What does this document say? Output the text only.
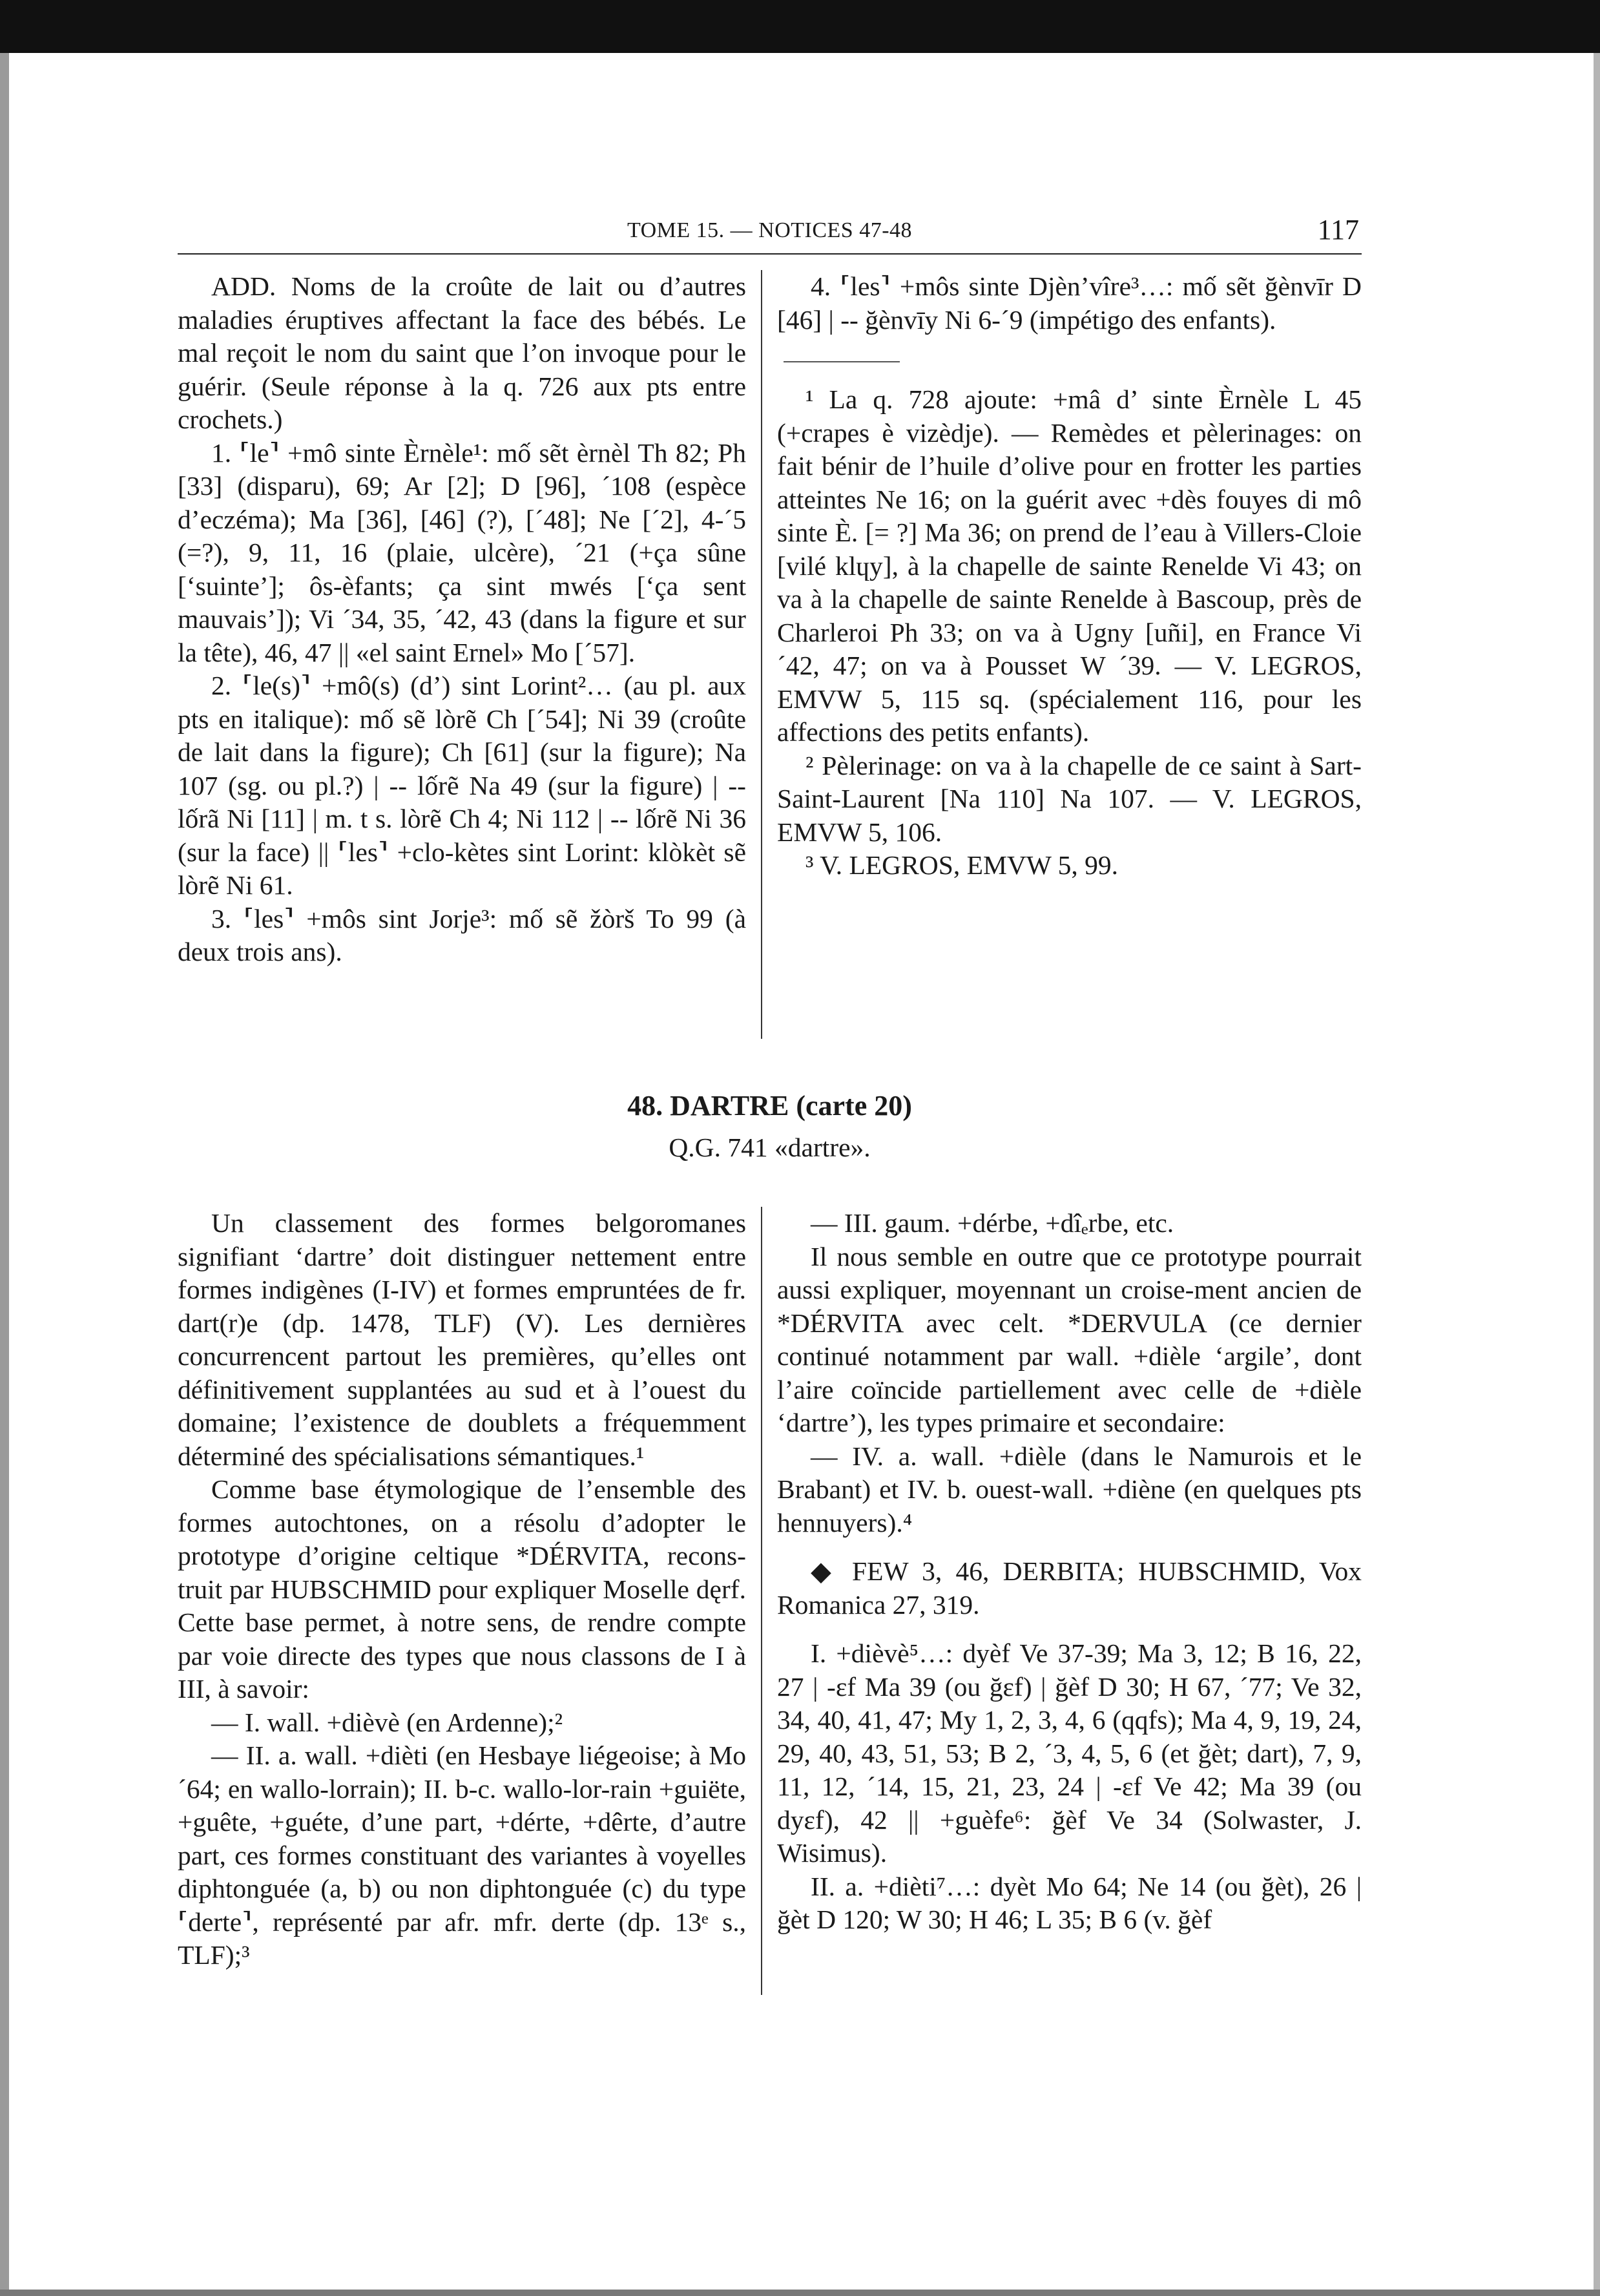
TOME 15. — NOTICES 47-48	117

ADD. Noms de la croûte de lait ou d’autres maladies éruptives affectant la face des bébés. Le mal reçoit le nom du saint que l’on invoque pour le guérir. (Seule réponse à la q. 726 aux pts entre crochets.)

1. ⸢le⸣ +mô sinte Èrnèle¹: mố sẽt èrnèl Th 82; Ph [33] (disparu), 69; Ar [2]; D [96], ´108 (espèce d’eczéma); Ma [36], [46] (?), [´48]; Ne [´2], 4-´5 (=?), 9, 11, 16 (plaie, ulcère), ´21 (+ça sûne [‘suinte’]; ôs-èfants; ça sint mwés [‘ça sent mauvais’]); Vi ´34, 35, ´42, 43 (dans la figure et sur la tête), 46, 47 || «el saint Ernel» Mo [´57].

2. ⸢le(s)⸣ +mô(s) (d’) sint Lorint²… (au pl. aux pts en italique): mố sẽ lòrẽ Ch [´54]; Ni 39 (croûte de lait dans la figure); Ch [61] (sur la figure); Na 107 (sg. ou pl.?) | -- lốrẽ Na 49 (sur la figure) | -- lốrã Ni [11] | m. t s. lòrẽ Ch 4; Ni 112 | -- lốrẽ Ni 36 (sur la face) || ⸢les⸣ +clo-kètes sint Lorint: klòkèt sẽ lòrẽ Ni 61.

3. ⸢les⸣ +môs sint Jorje³: mố sẽ žòrš To 99 (à deux trois ans).

4. ⸢les⸣ +môs sinte Djèn’vîre³…: mố sẽt ğènvīr D [46] | -- ğènvīy Ni 6-´9 (impétigo des enfants).

¹ La q. 728 ajoute: +mâ d’ sinte Èrnèle L 45 (+crapes è vizèdje). — Remèdes et pèlerinages: on fait bénir de l’huile d’olive pour en frotter les parties atteintes Ne 16; on la guérit avec +dès fouyes di mô sinte È. [= ?] Ma 36; on prend de l’eau à Villers-Cloie [vilé klɥy], à la chapelle de sainte Renelde Vi 43; on va à la chapelle de sainte Renelde à Bascoup, près de Charleroi Ph 33; on va à Ugny [uñi], en France Vi ´42, 47; on va à Pousset W ´39. — V. LEGROS, EMVW 5, 115 sq. (spécialement 116, pour les affections des petits enfants).

² Pèlerinage: on va à la chapelle de ce saint à Sart-Saint-Laurent [Na 110] Na 107. — V. LEGROS, EMVW 5, 106.

³ V. LEGROS, EMVW 5, 99.

48. DARTRE (carte 20)
Q.G. 741 «dartre».

Un classement des formes belgoromanes signifiant ‘dartre’ doit distinguer nettement entre formes indigènes (I-IV) et formes empruntées de fr. dart(r)e (dp. 1478, TLF) (V). Les dernières concurrencent partout les premières, qu’elles ont définitivement supplantées au sud et à l’ouest du domaine; l’existence de doublets a fréquemment déterminé des spécialisations sémantiques.¹

Comme base étymologique de l’ensemble des formes autochtones, on a résolu d’adopter le prototype d’origine celtique *DÉRVITA, recons-truit par HUBSCHMID pour expliquer Moselle dęrf. Cette base permet, à notre sens, de rendre compte par voie directe des types que nous classons de I à III, à savoir:

— I. wall. +dièvè (en Ardenne);²

— II. a. wall. +dièti (en Hesbaye liégeoise; à Mo ´64; en wallo-lorrain); II. b-c. wallo-lor-rain +guiëte, +guête, +guéte, d’une part, +dérte, +dêrte, d’autre part, ces formes constituant des variantes à voyelles diphtonguée (a, b) ou non diphtonguée (c) du type ⸢derte⸣, représenté par afr. mfr. derte (dp. 13ᵉ s., TLF);³

— III. gaum. +dérbe, +dîₑrbe, etc.

Il nous semble en outre que ce prototype pourrait aussi expliquer, moyennant un croise-ment ancien de *DÉRVITA avec celt. *DERVULA (ce dernier continué notamment par wall. +dièle ‘argile’, dont l’aire coïncide partiellement avec celle de +dièle ‘dartre’), les types primaire et secondaire:

— IV. a. wall. +dièle (dans le Namurois et le Brabant) et IV. b. ouest-wall. +diène (en quelques pts hennuyers).⁴

◆ FEW 3, 46, DERBITA; HUBSCHMID, Vox Romanica 27, 319.

I. +dièvè⁵…: dyèf Ve 37-39; Ma 3, 12; B 16, 22, 27 | -ɛf Ma 39 (ou ğɛf) | ğèf D 30; H 67, ´77; Ve 32, 34, 40, 41, 47; My 1, 2, 3, 4, 6 (qqfs); Ma 4, 9, 19, 24, 29, 40, 43, 51, 53; B 2, ´3, 4, 5, 6 (et ğèt; dart), 7, 9, 11, 12, ´14, 15, 21, 23, 24 | -ɛf Ve 42; Ma 39 (ou dyɛf), 42 || +guèfe⁶: ğèf Ve 34 (Solwaster, J. Wisimus).

II. a. +dièti⁷…: dyèt Mo 64; Ne 14 (ou ğèt), 26 | ğèt D 120; W 30; H 46; L 35; B 6 (v. ğèf
